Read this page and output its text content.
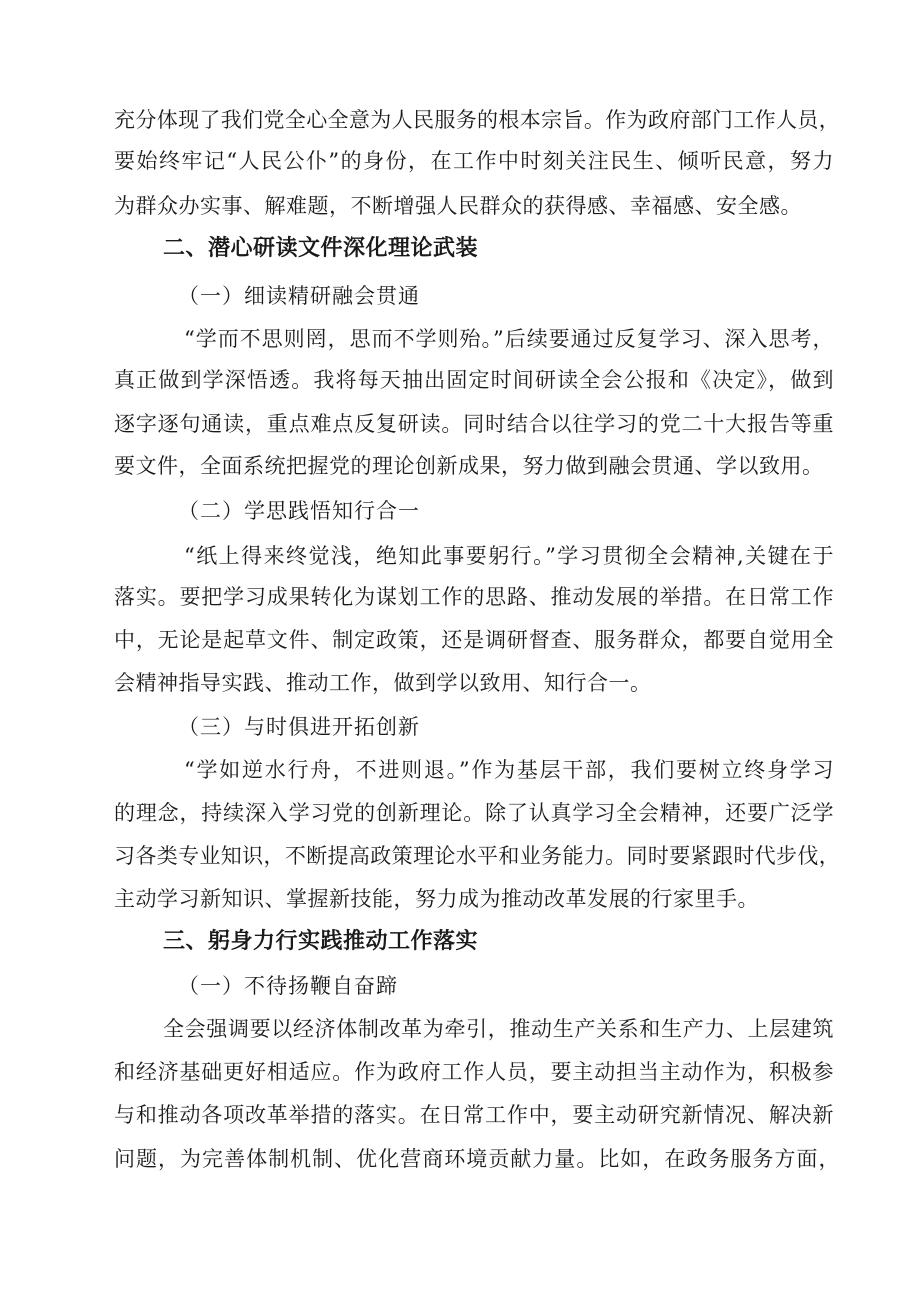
充分体现了我们党全心全意为人民服务的根本宗旨。作为政府部门工作人员，

要始终牢记“人民公仆”的身份，在工作中时刻关注民生、倾听民意，努力

为群众办实事、解难题，不断增强人民群众的获得感、幸福感、安全感。

二、潜心研读文件深化理论武装

（一）细读精研融会贯通

“学而不思则罔，思而不学则殆。”后续要通过反复学习、深入思考，

真正做到学深悟透。我将每天抽出固定时间研读全会公报和《决定》，做到

逐字逐句通读，重点难点反复研读。同时结合以往学习的党二十大报告等重

要文件，全面系统把握党的理论创新成果，努力做到融会贯通、学以致用。

（二）学思践悟知行合一

“纸上得来终觉浅，绝知此事要躬行。”学习贯彻全会精神,关键在于

落实。要把学习成果转化为谋划工作的思路、推动发展的举措。在日常工作

中，无论是起草文件、制定政策，还是调研督查、服务群众，都要自觉用全

会精神指导实践、推动工作，做到学以致用、知行合一。

（三）与时俱进开拓创新

“学如逆水行舟，不进则退。”作为基层干部，我们要树立终身学习

的理念，持续深入学习党的创新理论。除了认真学习全会精神，还要广泛学

习各类专业知识，不断提高政策理论水平和业务能力。同时要紧跟时代步伐，

主动学习新知识、掌握新技能，努力成为推动改革发展的行家里手。

三、躬身力行实践推动工作落实

（一）不待扬鞭自奋蹄

全会强调要以经济体制改革为牵引，推动生产关系和生产力、上层建筑

和经济基础更好相适应。作为政府工作人员，要主动担当主动作为，积极参

与和推动各项改革举措的落实。在日常工作中，要主动研究新情况、解决新

问题，为完善体制机制、优化营商环境贡献力量。比如，在政务服务方面，
